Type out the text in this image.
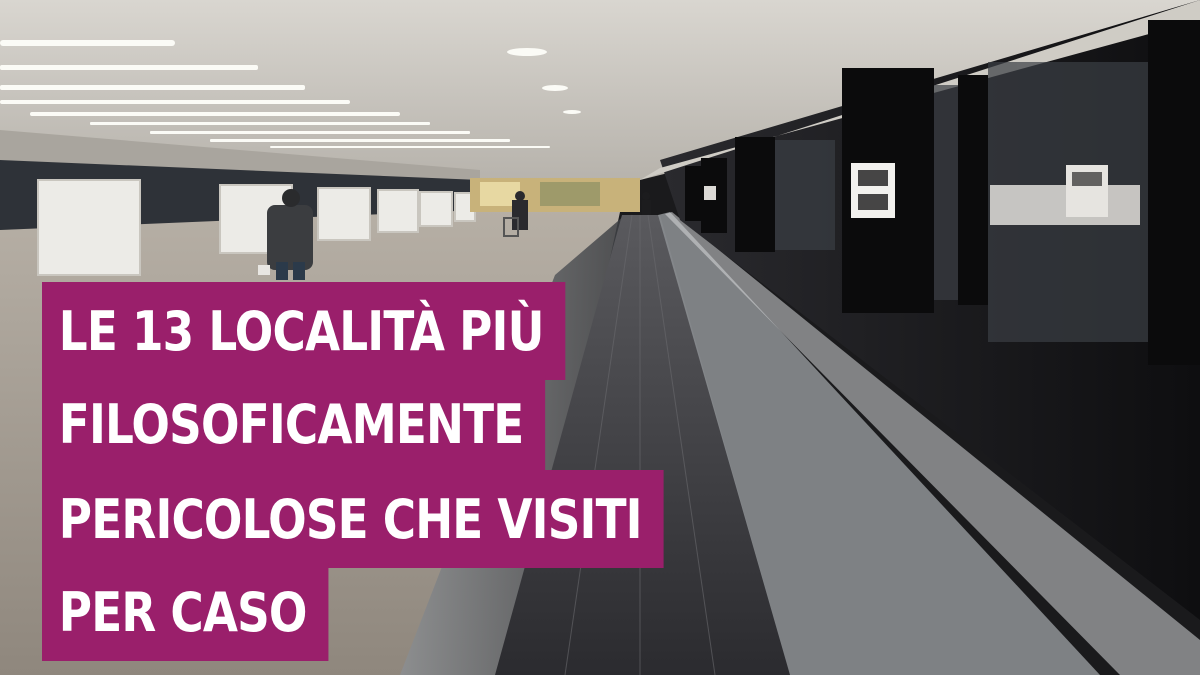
LE 13 LOCALITÀ PIÙ
FILOSOFICAMENTE
PERICOLOSE CHE VISITI
PER CASO
